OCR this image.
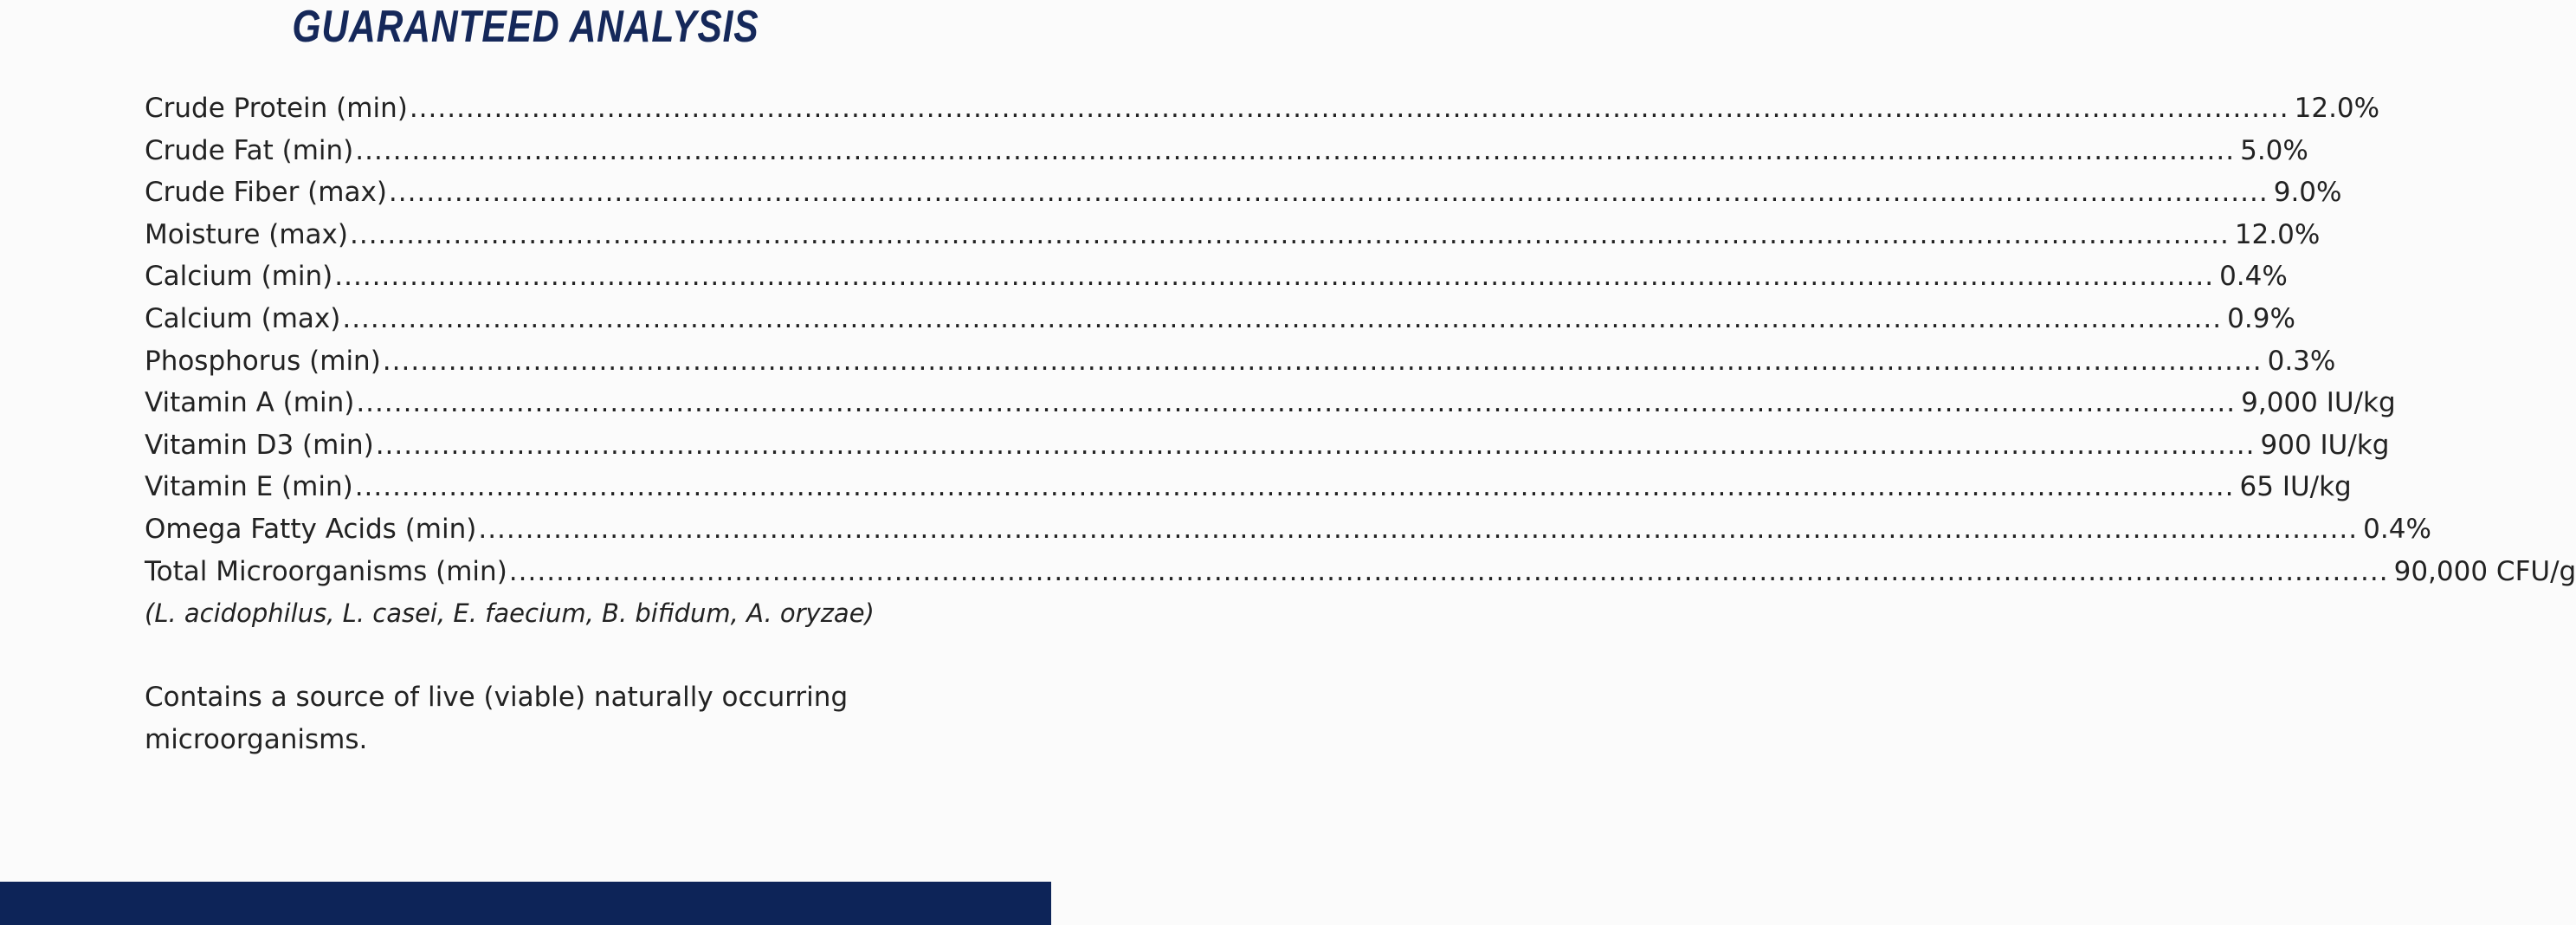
GUARANTEED ANALYSIS
Crude Protein (min) ........................................................................................................................................................................................................ 12.0%
Crude Fat (min) ........................................................................................................................................................................................................ 5.0%
Crude Fiber (max) ........................................................................................................................................................................................................ 9.0%
Moisture (max) ........................................................................................................................................................................................................ 12.0%
Calcium (min) ........................................................................................................................................................................................................ 0.4%
Calcium (max) ........................................................................................................................................................................................................ 0.9%
Phosphorus (min) ........................................................................................................................................................................................................ 0.3%
Vitamin A (min) ........................................................................................................................................................................................................ 9,000 IU/kg
Vitamin D3 (min) ........................................................................................................................................................................................................ 900 IU/kg
Vitamin E (min) ........................................................................................................................................................................................................ 65 IU/kg
Omega Fatty Acids (min) ........................................................................................................................................................................................................ 0.4%
Total Microorganisms (min) ........................................................................................................................................................................................................ 90,000 CFU/g
(L. acidophilus, L. casei, E. faecium, B. bifidum, A. oryzae)
Contains a source of live (viable) naturally occurring microorganisms.
